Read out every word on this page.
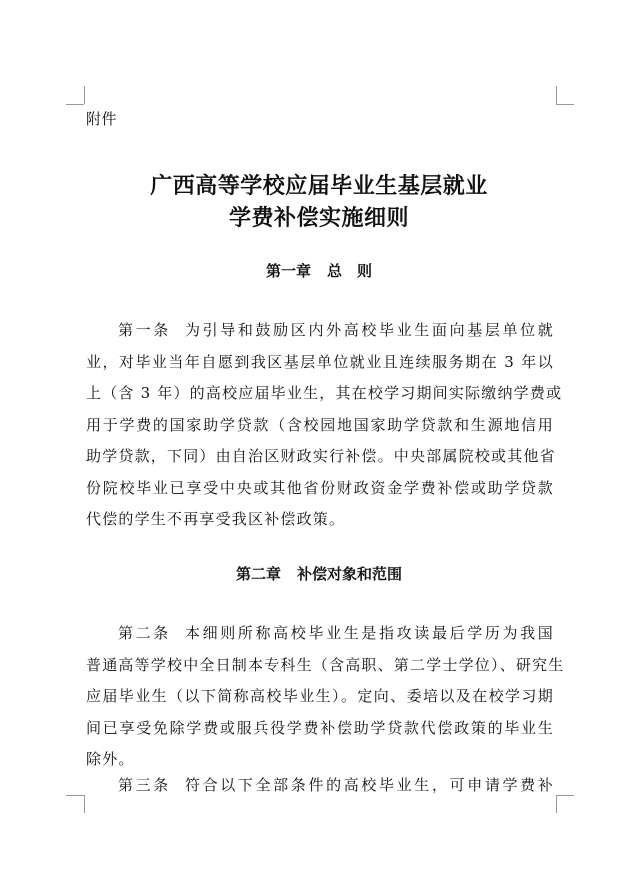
附件
广西高等学校应届毕业生基层就业
学费补偿实施细则
第一章 总　则
第一条 为引导和鼓励区内外高校毕业生面向基层单位就
业，对毕业当年自愿到我区基层单位就业且连续服务期在 3 年以
上（含 3 年）的高校应届毕业生，其在校学习期间实际缴纳学费或
用于学费的国家助学贷款（含校园地国家助学贷款和生源地信用
助学贷款，下同）由自治区财政实行补偿。中央部属院校或其他省
份院校毕业已享受中央或其他省份财政资金学费补偿或助学贷款
代偿的学生不再享受我区补偿政策。
第二章 补偿对象和范围
第二条 本细则所称高校毕业生是指攻读最后学历为我国
普通高等学校中全日制本专科生（含高职、第二学士学位）、研究生
应届毕业生（以下简称高校毕业生）。定向、委培以及在校学习期
间已享受免除学费或服兵役学费补偿助学贷款代偿政策的毕业生
除外。
第三条 符合以下全部条件的高校毕业生，可申请学费补
